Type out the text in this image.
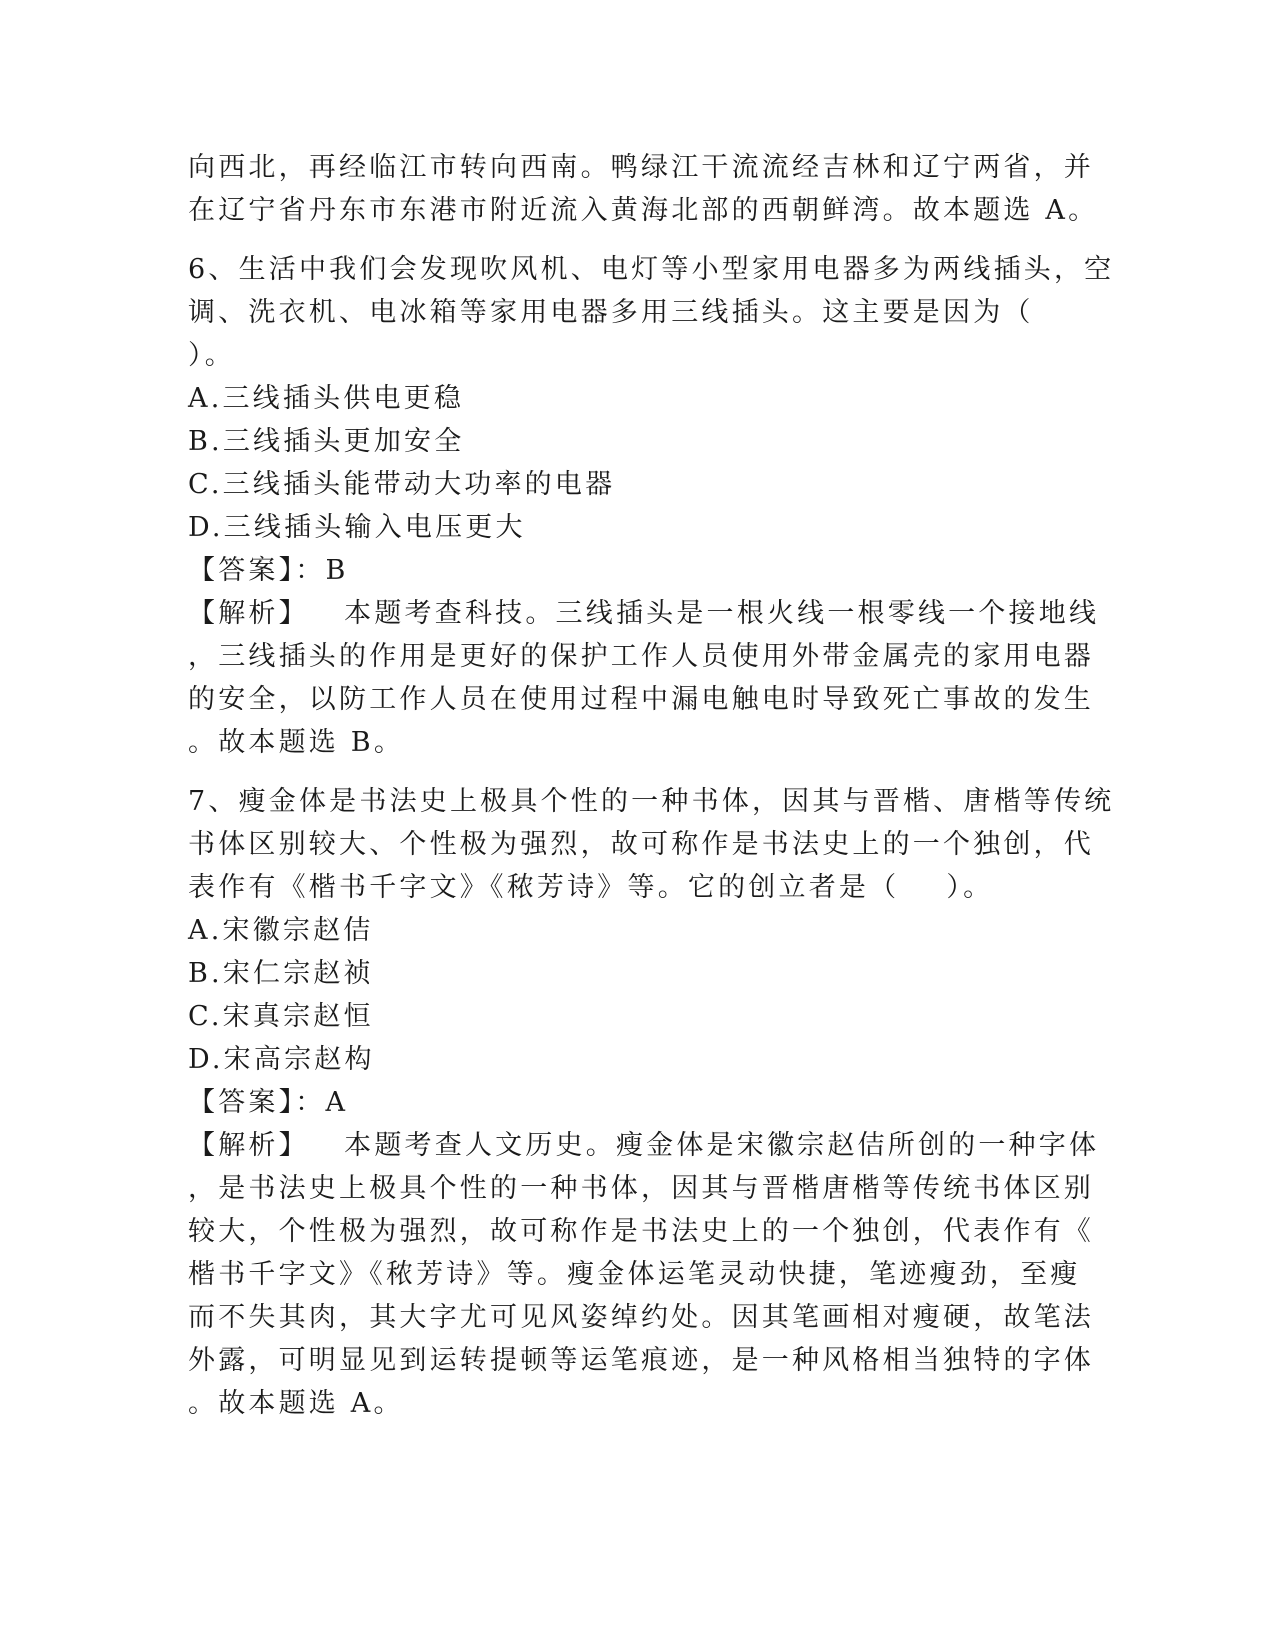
向西北，再经临江市转向西南。鸭绿江干流流经吉林和辽宁两省，并
在辽宁省丹东市东港市附近流入黄海北部的西朝鲜湾。故本题选 A。
6、生活中我们会发现吹风机、电灯等小型家用电器多为两线插头，空
调、洗衣机、电冰箱等家用电器多用三线插头。这主要是因为（
）。
A.三线插头供电更稳
B.三线插头更加安全
C.三线插头能带动大功率的电器
D.三线插头输入电压更大
【答案】：B
【解析】   本题考查科技。三线插头是一根火线一根零线一个接地线
，三线插头的作用是更好的保护工作人员使用外带金属壳的家用电器
的安全，以防工作人员在使用过程中漏电触电时导致死亡事故的发生
。故本题选 B。
7、瘦金体是书法史上极具个性的一种书体，因其与晋楷、唐楷等传统
书体区别较大、个性极为强烈，故可称作是书法史上的一个独创，代
表作有《楷书千字文》《秾芳诗》等。它的创立者是（    ）。
A.宋徽宗赵佶
B.宋仁宗赵祯
C.宋真宗赵恒
D.宋高宗赵构
【答案】：A
【解析】   本题考查人文历史。瘦金体是宋徽宗赵佶所创的一种字体
，是书法史上极具个性的一种书体，因其与晋楷唐楷等传统书体区别
较大，个性极为强烈，故可称作是书法史上的一个独创，代表作有《
楷书千字文》《秾芳诗》等。瘦金体运笔灵动快捷，笔迹瘦劲，至瘦
而不失其肉，其大字尤可见风姿绰约处。因其笔画相对瘦硬，故笔法
外露，可明显见到运转提顿等运笔痕迹，是一种风格相当独特的字体
。故本题选 A。
